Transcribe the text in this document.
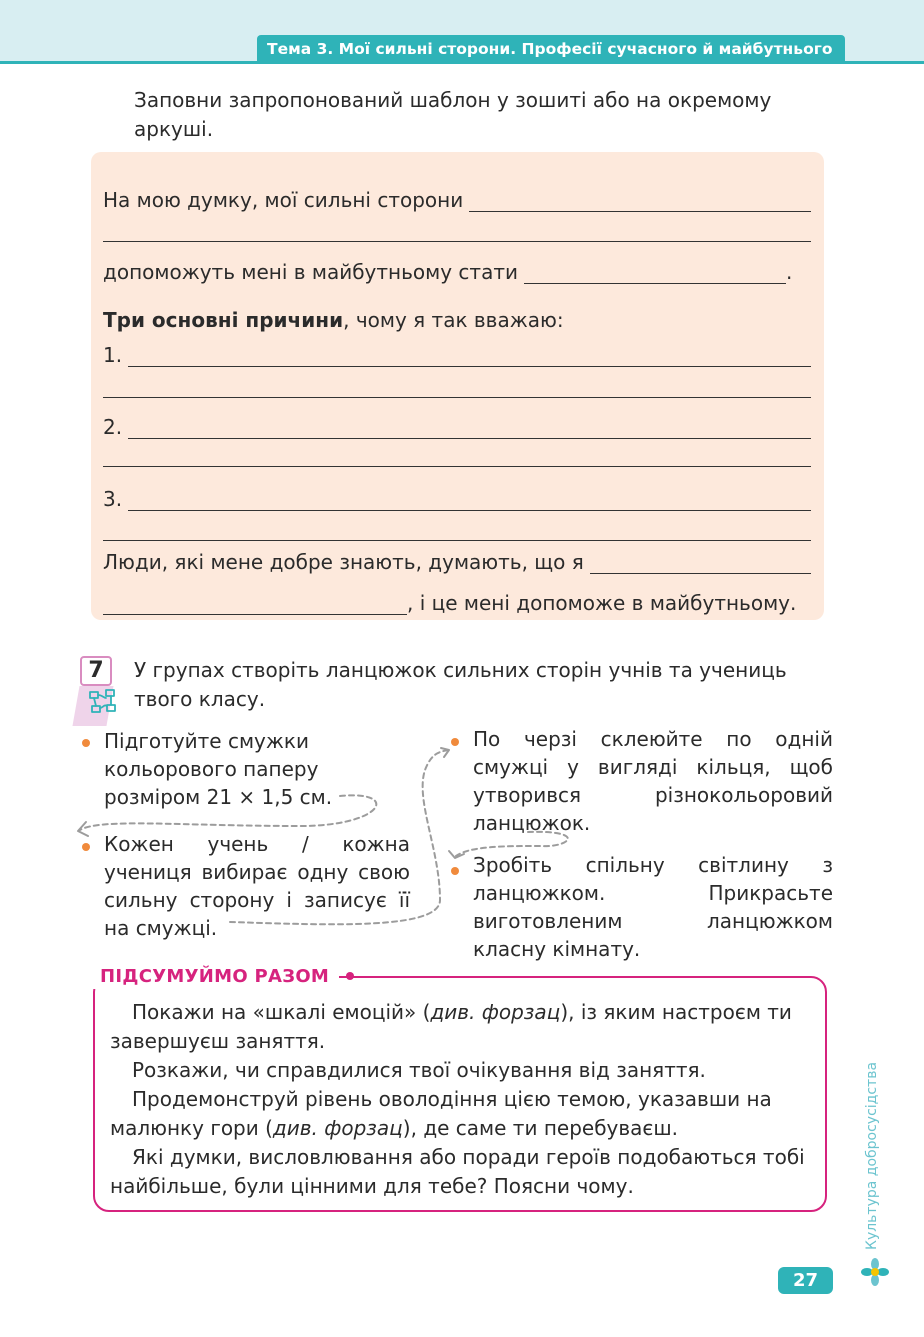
Тема 3. Мої сильні сторони. Професії сучасного й майбутнього
Заповни запропонований шаблон у зошиті або на окремому аркуші.
На мою думку, мої сильні сторони
допоможуть мені в майбутньому стати	.
Три основні причини , чому я так вважаю:
1.
2.
3.
Люди, які мене добре знають, думають, що я
, і це мені допоможе в майбутньому.
7	У групах створіть ланцюжок сильних сторін учнів та учениць твого класу.
Підготуйте смужки кольорового паперу розміром 21 × 1,5 см.
Кожен учень / кожна учениця вибирає одну свою сильну сторону і записує її на смужці.
По черзі склеюйте по одній смужці у вигляді кільця, щоб утворився різнокольоровий ланцюжок.
Зробіть спільну світлину з ланцюжком. Прикрасьте виготовленим ланцюжком класну кімнату.
ПІДСУМУЙМО РАЗОМ
Покажи на «шкалі емоцій» (див. форзац), із яким настроєм ти завершуєш заняття.
Розкажи, чи справдилися твої очікування від заняття.
Продемонструй рівень оволодіння цією темою, указавши на малюнку гори (див. форзац), де саме ти перебуваєш.
Які думки, висловлювання або поради героїв подобаються тобі найбільше, були цінними для тебе? Поясни чому.	Культура добросусідства
27
